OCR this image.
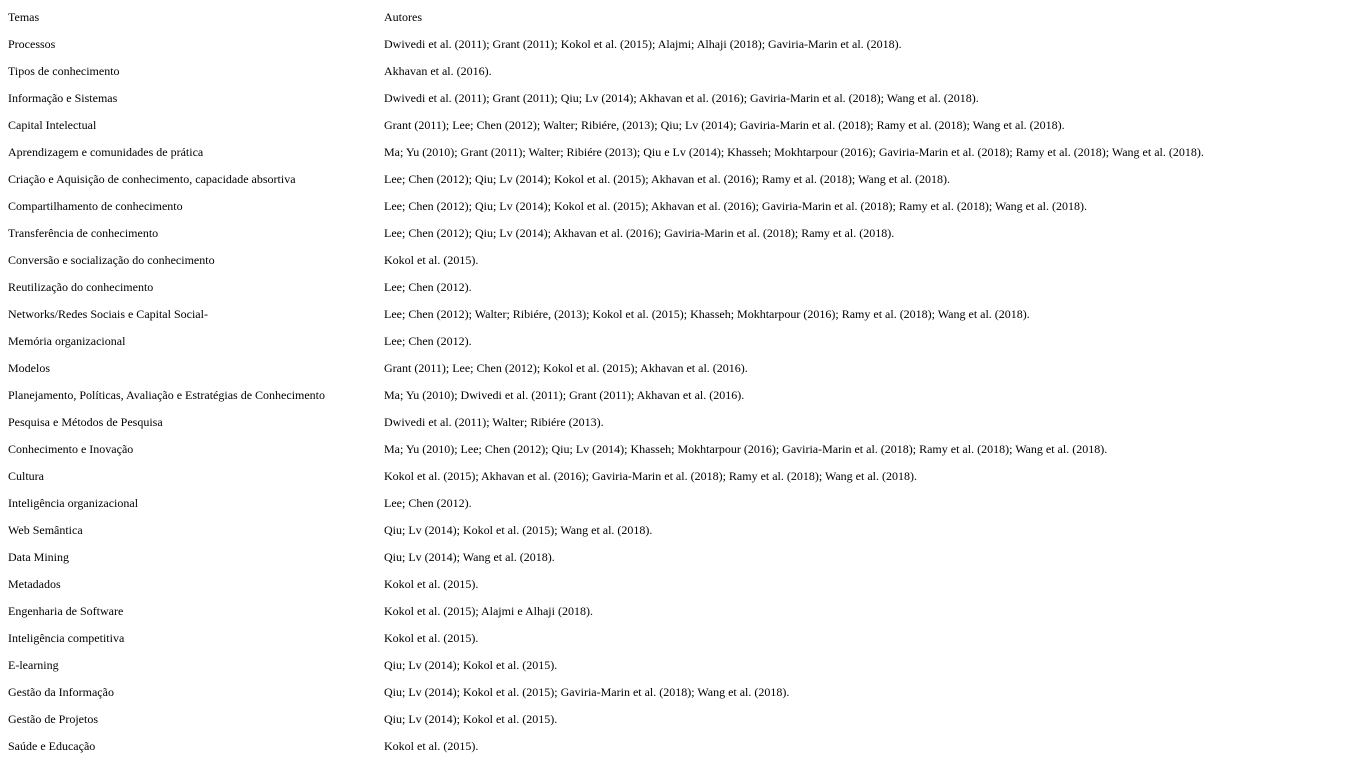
Temas	Autores
Processos	Dwivedi et al. (2011); Grant (2011); Kokol et al. (2015); Alajmi; Alhaji (2018); Gaviria-Marin et al. (2018).
Tipos de conhecimento	Akhavan et al. (2016).
Informação e Sistemas	Dwivedi et al. (2011); Grant (2011); Qiu; Lv (2014); Akhavan et al. (2016); Gaviria-Marin et al. (2018); Wang et al. (2018).
Capital Intelectual	Grant (2011); Lee; Chen (2012); Walter; Ribiére, (2013); Qiu; Lv (2014); Gaviria-Marin et al. (2018); Ramy et al. (2018); Wang et al. (2018).
Aprendizagem e comunidades de prática	Ma; Yu (2010); Grant (2011); Walter; Ribiére (2013); Qiu e Lv (2014); Khasseh; Mokhtarpour (2016); Gaviria-Marin et al. (2018); Ramy et al. (2018); Wang et al. (2018).
Criação e Aquisição de conhecimento, capacidade absortiva	Lee; Chen (2012); Qiu; Lv (2014); Kokol et al. (2015); Akhavan et al. (2016); Ramy et al. (2018); Wang et al. (2018).
Compartilhamento de conhecimento	Lee; Chen (2012); Qiu; Lv (2014); Kokol et al. (2015); Akhavan et al. (2016); Gaviria-Marin et al. (2018); Ramy et al. (2018); Wang et al. (2018).
Transferência de conhecimento	Lee; Chen (2012); Qiu; Lv (2014); Akhavan et al. (2016); Gaviria-Marin et al. (2018); Ramy et al. (2018).
Conversão e socialização do conhecimento	Kokol et al. (2015).
Reutilização do conhecimento	Lee; Chen (2012).
Networks/Redes Sociais e Capital Social-	Lee; Chen (2012); Walter; Ribiére, (2013); Kokol et al. (2015); Khasseh; Mokhtarpour (2016); Ramy et al. (2018); Wang et al. (2018).
Memória organizacional	Lee; Chen (2012).
Modelos	Grant (2011); Lee; Chen (2012); Kokol et al. (2015); Akhavan et al. (2016).
Planejamento, Políticas, Avaliação e Estratégias de Conhecimento	Ma; Yu (2010); Dwivedi et al. (2011); Grant (2011); Akhavan et al. (2016).
Pesquisa e Métodos de Pesquisa	Dwivedi et al. (2011); Walter; Ribiére (2013).
Conhecimento e Inovação	Ma; Yu (2010); Lee; Chen (2012); Qiu; Lv (2014); Khasseh; Mokhtarpour (2016); Gaviria-Marin et al. (2018); Ramy et al. (2018); Wang et al. (2018).
Cultura	Kokol et al. (2015); Akhavan et al. (2016); Gaviria-Marin et al. (2018); Ramy et al. (2018); Wang et al. (2018).
Inteligência organizacional	Lee; Chen (2012).
Web Semântica	Qiu; Lv (2014); Kokol et al. (2015); Wang et al. (2018).
Data Mining	Qiu; Lv (2014); Wang et al. (2018).
Metadados	Kokol et al. (2015).
Engenharia de Software	Kokol et al. (2015); Alajmi e Alhaji (2018).
Inteligência competitiva	Kokol et al. (2015).
E-learning	Qiu; Lv (2014); Kokol et al. (2015).
Gestão da Informação	Qiu; Lv (2014); Kokol et al. (2015); Gaviria-Marin et al. (2018); Wang et al. (2018).
Gestão de Projetos	Qiu; Lv (2014); Kokol et al. (2015).
Saúde e Educação	Kokol et al. (2015).
